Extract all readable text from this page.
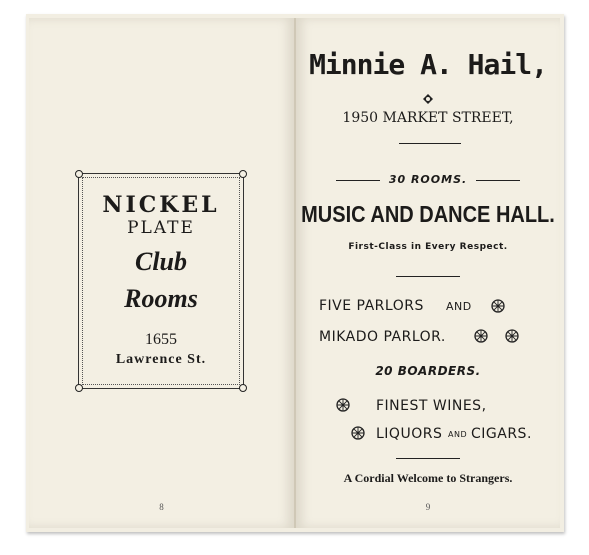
NICKEL
PLATE
Club
Rooms
1655
Lawrence St.
8
Minnie A. Hail,
1950 MARKET STREET,
30 ROOMS.
MUSIC AND DANCE HALL.
First-Class in Every Respect.
FIVE PARLORS AND
MIKADO PARLOR.
20 BOARDERS.
FINEST WINES,
LIQUORS AND CIGARS.
A Cordial Welcome to Strangers.
9
